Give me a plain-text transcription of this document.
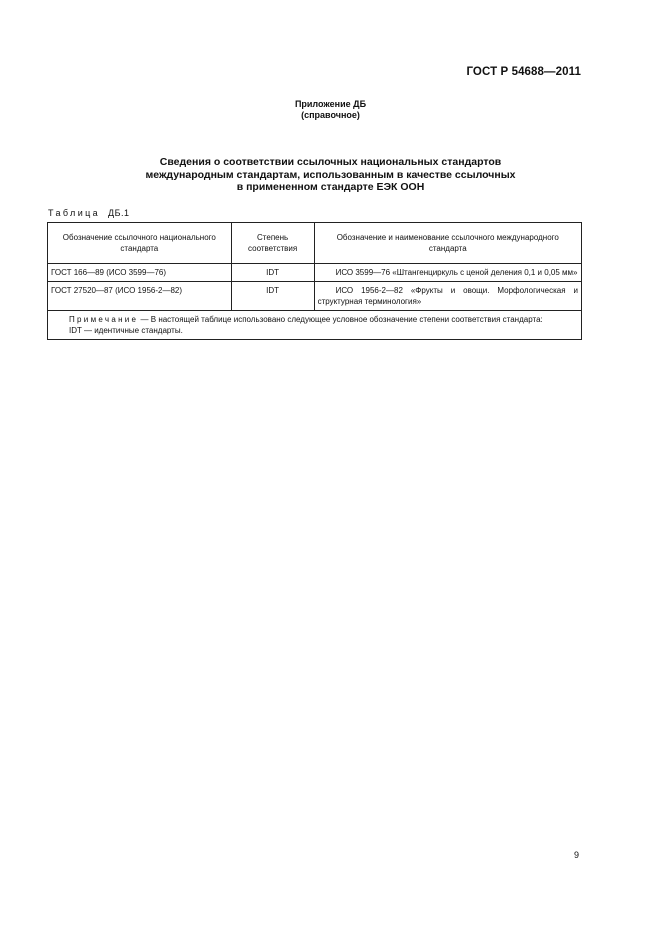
ГОСТ Р 54688—2011
Приложение ДБ
(справочное)
Сведения о соответствии ссылочных национальных стандартов
международным стандартам, использованным в качестве ссылочных
в примененном стандарте ЕЭК ООН
Таблица ДБ.1
Обозначение ссылочного национального стандарта	Степень соответствия	Обозначение и наименование ссылочного международного стандарта
ГОСТ 166—89 (ИСО 3599—76)	IDT	ИСО 3599—76 «Штангенциркуль с ценой деления 0,1 и 0,05 мм»
ГОСТ 27520—87 (ИСО 1956-2—82)	IDT	ИСО 1956-2—82 «Фрукты и овощи. Морфологическая и структурная терминология»

Примечание — В настоящей таблице использовано следующее условное обозначение степени соответствия стандарта:
IDT — идентичные стандарты.		
9
